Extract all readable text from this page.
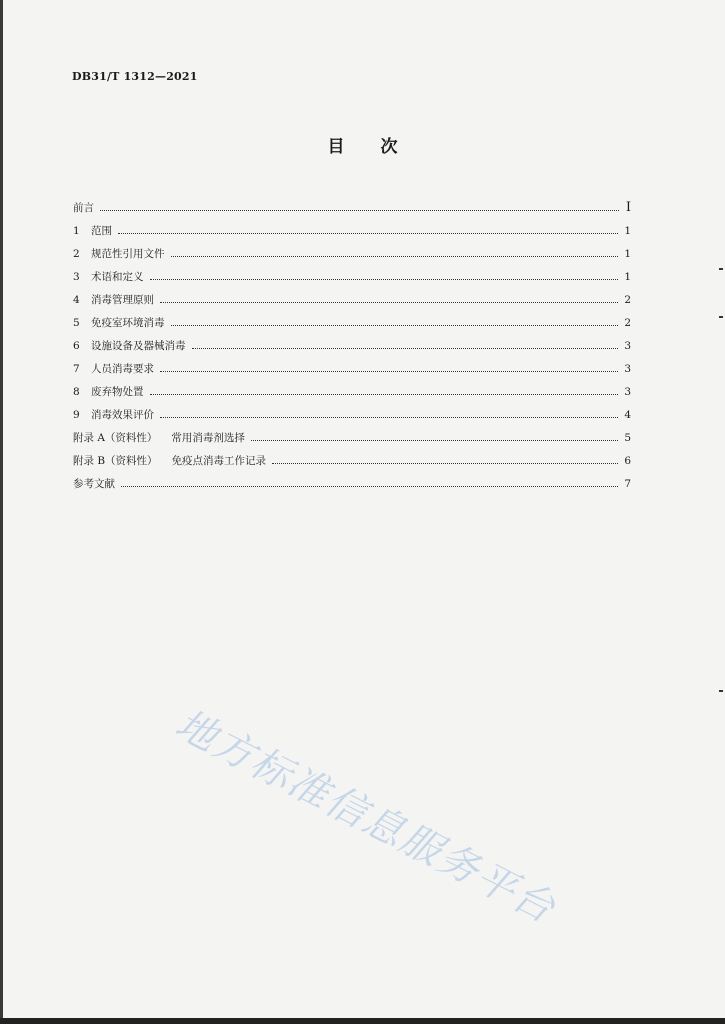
DB31/T 1312—2021
目 次
前言	I
1 范围	1
2 规范性引用文件	1
3 术语和定义	1
4 消毒管理原则	2
5 免疫室环境消毒	2
6 设施设备及器械消毒	3
7 人员消毒要求	3
8 废弃物处置	3
9 消毒效果评价	4
附录 A（资料性） 常用消毒剂选择	5
附录 B（资料性） 免疫点消毒工作记录	6
参考文献	7
地方标准信息服务平台
